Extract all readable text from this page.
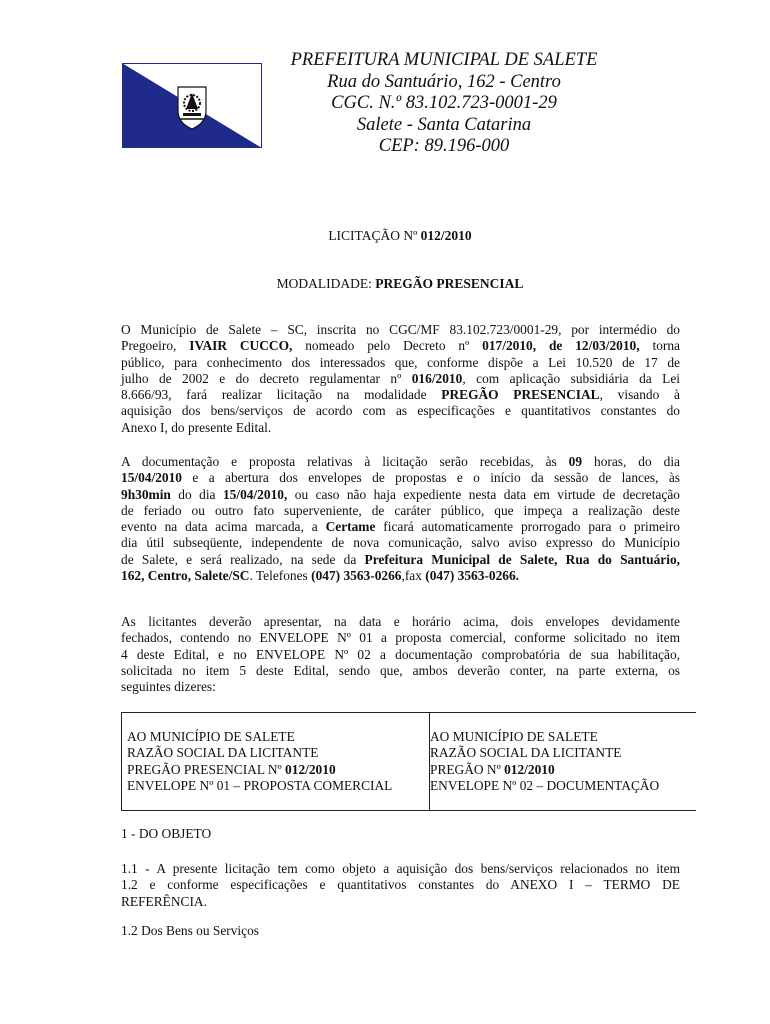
PREFEITURA MUNICIPAL DE SALETE
Rua do Santuário, 162 - Centro
CGC. N.º 83.102.723-0001-29
Salete - Santa Catarina
CEP: 89.196-000
LICITAÇÃO Nº 012/2010
MODALIDADE: PREGÃO PRESENCIAL
O Município de Salete – SC, inscrita no CGC/MF 83.102.723/0001-29, por intermédio do
Pregoeiro, IVAIR CUCCO, nomeado pelo Decreto nº 017/2010, de 12/03/2010, torna
público, para conhecimento dos interessados que, conforme dispõe a Lei 10.520 de 17 de
julho de 2002 e do decreto regulamentar nº 016/2010, com aplicação subsidiária da Lei
8.666/93, fará realizar licitação na modalidade PREGÃO PRESENCIAL, visando à
aquisição dos bens/serviços de acordo com as especificações e quantitativos constantes do
Anexo I, do presente Edital.
A documentação e proposta relativas à licitação serão recebidas, às 09 horas, do dia
15/04/2010 e a abertura dos envelopes de propostas e o início da sessão de lances, às
9h30min do dia 15/04/2010, ou caso não haja expediente nesta data em virtude de decretação
de feriado ou outro fato superveniente, de caráter público, que impeça a realização deste
evento na data acima marcada, a Certame ficará automaticamente prorrogado para o primeiro
dia útil subseqüente, independente de nova comunicação, salvo aviso expresso do Município
de Salete, e será realizado, na sede da Prefeitura Municipal de Salete, Rua do Santuário,
162, Centro, Salete/SC. Telefones (047) 3563-0266,fax (047) 3563-0266.
As licitantes deverão apresentar, na data e horário acima, dois envelopes devidamente
fechados, contendo no ENVELOPE Nº 01 a proposta comercial, conforme solicitado no item
4 deste Edital, e no ENVELOPE Nº 02 a documentação comprobatória de sua habilitação,
solicitada no item 5 deste Edital, sendo que, ambos deverão conter, na parte externa, os
seguintes dizeres:
AO MUNICÍPIO DE SALETE
RAZÃO SOCIAL DA LICITANTE
PREGÃO PRESENCIAL Nº 012/2010
ENVELOPE Nº 01 – PROPOSTA COMERCIAL
AO MUNICÍPIO DE SALETE
RAZÃO SOCIAL DA LICITANTE
PREGÃO Nº 012/2010
ENVELOPE Nº 02 – DOCUMENTAÇÃO
1 - DO OBJETO
1.1 - A presente licitação tem como objeto a aquisição dos bens/serviços relacionados no item
1.2 e conforme especificações e quantitativos constantes do ANEXO I – TERMO DE
REFERÊNCIA.
1.2 Dos Bens ou Serviços
